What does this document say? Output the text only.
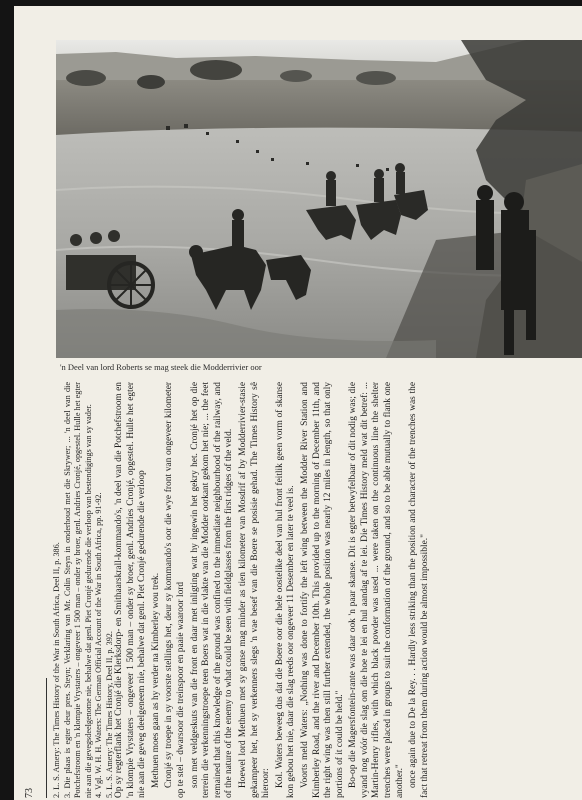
'n Deel van lord Roberts se mag steek die Modderrivier oor
73 2. L. S. Amery: The Times History of the War in South Africa, Deel II, p. 386. 3. Die plaas is egter deur pres. Steyn; Verklaring van Mr. Colin Steyn in onderhoud met die Skrywer; ... 'n deel van die Potchefstroom en 'n klompie Vrystaters – ongeveer 1 500 man – onder sy broer, genl. Andries Cronjé, opgestel. Hulle het egter nie aan die gevegsdeelgenome nie, behalwe dat genl. Piet Cronjé gedurende die verloop van bestendigings van sy vader. 4. Vgl. W. H. H. Waters: The German Official Account of the War in South Africa, pp. 91-92. 5. L. S. Amery: The Times History, Deel II, p. 392. Op sy regterflank het Cronjé die Klerksdorp- en Smithaarskrall-kommando's, 'n deel van die Potchefstroom en 'n klompie Vrystaters – ongeveer 1 500 man – onder sy broer, genl. Andries Cronjé, opgestel. Hulle het egter nie aan die geveg deelgeneem nie, behalwe dat genl. Piet Cronjé gedurende die verloop Methuen moes gaan as hy verder na Kimberley wou trek. Cronjé sy troepe in sy voorste stellings het, deur sy kommando's oor die wye front van ongeveer kilometer op te stel – dwarsoor die treinspoor en paaie waaroor lord son met veldgeskuts van die front en daar met inligting wat hy ingewin het gekry het. Cronjé het op die terrein die verkenningstroepe teen Boers wat in die vlakte van die Modder oorkant gekom het nie; ... the feet remained that this knowledge of the ground was confined to the immediate neighbourhood of the railway, and of the nature of the enemy to what could be seen with fieldglasses from the first ridges of the veld. Hoewel lord Methuen met sy ganse mag minder as tien kilometer van Mosdrif af by Modderrivier-stasie gekampeer het, het sy verkenners slegs 'n vae besef van die Boere se posisie gehad. The Times History sê hieroor: Kol. Waters beweeg dus dat die Boere oor die hele oostelike deel van hul front feitlik geen vorm of skanse kon gebou het nie, daar die slag reeds oor ongeveer 11 Desember en later te veel is. Voorts meld Waters: „Nothing was done to fortify the left wing between the Modder River Station and Kimberley Road, and the river and December 10th. This provided up to the morning of December 11th, and the right wing was then still further extended, the whole position was nearly 12 miles in length, so that only portions of it could be held." Bo-op die Magersfontein-rante was daar ook 'n paar skanse. Dit is egter betwyfelbaar of dit nodig was; die vyand nog vóór die slag om die hoe te lei en hul aandag af te lei. Die Times History meld wat dit betref: ... Martin-Henry rifles, with which black powder was used ... were taken on the continuous line the shelter trenches were placed in groups to suit the conformation of the ground, and so to be able mutually to flank one another." once again due to De la Rey. . . Hardly less striking than the position and character of the trenches was the fact that retreat from them during action would be almost impossible."
